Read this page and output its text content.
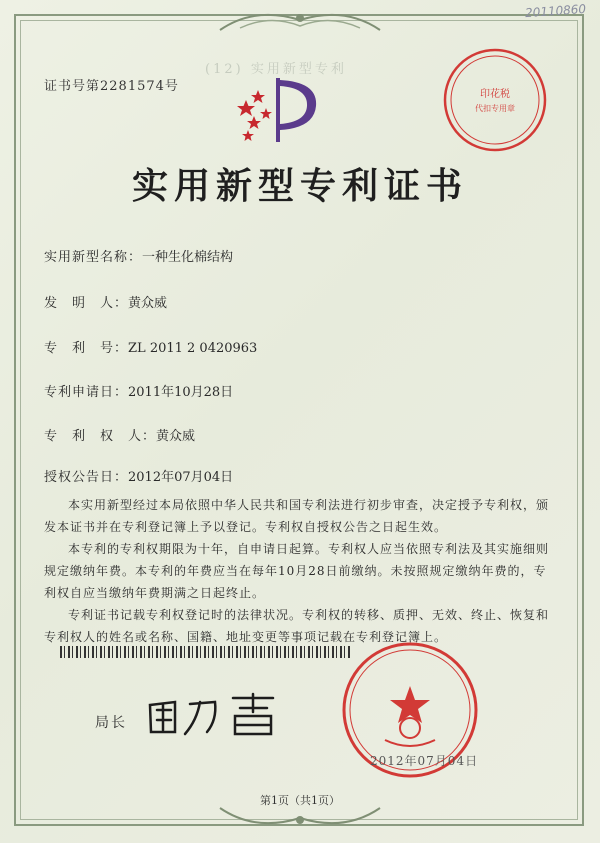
20110860
证书号第2281574号
(12) 实用新型专利
印花税
代扣专用章
实用新型专利证书
实用新型名称：一种生化棉结构
发　明　人：黄众威
专　利　号：ZL 2011 2 0420963
专利申请日：2011年10月28日
专　利　权　人：黄众威
授权公告日：2012年07月04日
本实用新型经过本局依照中华人民共和国专利法进行初步审查，决定授予专利权，颁发本证书并在专利登记簿上予以登记。专利权自授权公告之日起生效。
本专利的专利权期限为十年，自申请日起算。专利权人应当依照专利法及其实施细则规定缴纳年费。本专利的年费应当在每年10月28日前缴纳。未按照规定缴纳年费的，专利权自应当缴纳年费期满之日起终止。
专利证书记载专利权登记时的法律状况。专利权的转移、质押、无效、终止、恢复和专利权人的姓名或名称、国籍、地址变更等事项记载在专利登记簿上。
局长
2012年07月04日
第1页（共1页）
